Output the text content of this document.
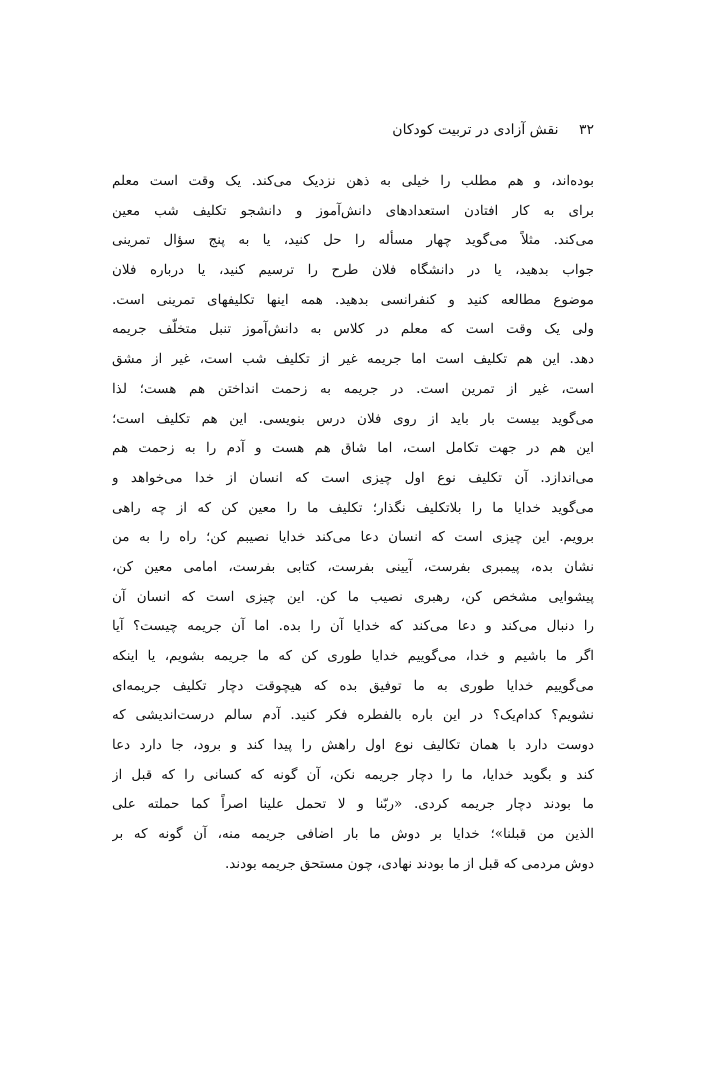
۳۲ نقش آزادی در تربیت کودکان
بوده‌اند، و هم مطلب را خیلی به ذهن نزدیک می‌کند. یک وقت است معلم
برای به کار افتادن استعدادهای دانش‌آموز و دانشجو تکلیف شب معین
می‌کند. مثلاً می‌گوید چهار مسأله را حل کنید، یا به پنج سؤال تمرینی
جواب بدهید، یا در دانشگاه فلان طرح را ترسیم کنید، یا درباره فلان
موضوع مطالعه کنید و کنفرانسی بدهید. همه اینها تکلیفهای تمرینی است.
ولی یک وقت است که معلم در کلاس به دانش‌آموز تنبل متخلّف جریمه
دهد. این هم تکلیف است اما جریمه غیر از تکلیف شب است، غیر از مشق
است، غیر از تمرین است. در جریمه به زحمت انداختن هم هست؛ لذا
می‌گوید بیست بار باید از روی فلان درس بنویسی. این هم تکلیف است؛
این هم در جهت تکامل است، اما شاق هم هست و آدم را به زحمت هم
می‌اندازد. آن تکلیف نوع اول چیزی است که انسان از خدا می‌خواهد و
می‌گوید خدایا ما را بلاتکلیف نگذار؛ تکلیف ما را معین کن که از چه راهی
برویم. این چیزی است که انسان دعا می‌کند خدایا نصیبم کن؛ راه را به من
نشان بده، پیمبری بفرست، آیینی بفرست، کتابی بفرست، امامی معین کن،
پیشوایی مشخص کن، رهبری نصیب ما کن. این چیزی است که انسان آن
را دنبال می‌کند و دعا می‌کند که خدایا آن را بده. اما آن جریمه چیست؟ آیا
اگر ما باشیم و خدا، می‌گوییم خدایا طوری کن که ما جریمه بشویم، یا اینکه
می‌گوییم خدایا طوری به ما توفیق بده که هیچوقت دچار تکلیف جریمه‌ای
نشویم؟ کدام‌یک؟ در این باره بالفطره فکر کنید. آدم سالم درست‌اندیشی که
دوست دارد با همان تکالیف نوع اول راهش را پیدا کند و برود، جا دارد دعا
کند و بگوید خدایا، ما را دچار جریمه نکن، آن گونه که کسانی را که قبل از
ما بودند دچار جریمه کردی. «ربّنا و لا تحمل علینا اصراً کما حملته علی
الذین من قبلنا»؛ خدایا بر دوش ما بار اضافی جریمه منه، آن گونه که بر
دوش مردمی که قبل از ما بودند نهادی، چون مستحق جریمه بودند.
